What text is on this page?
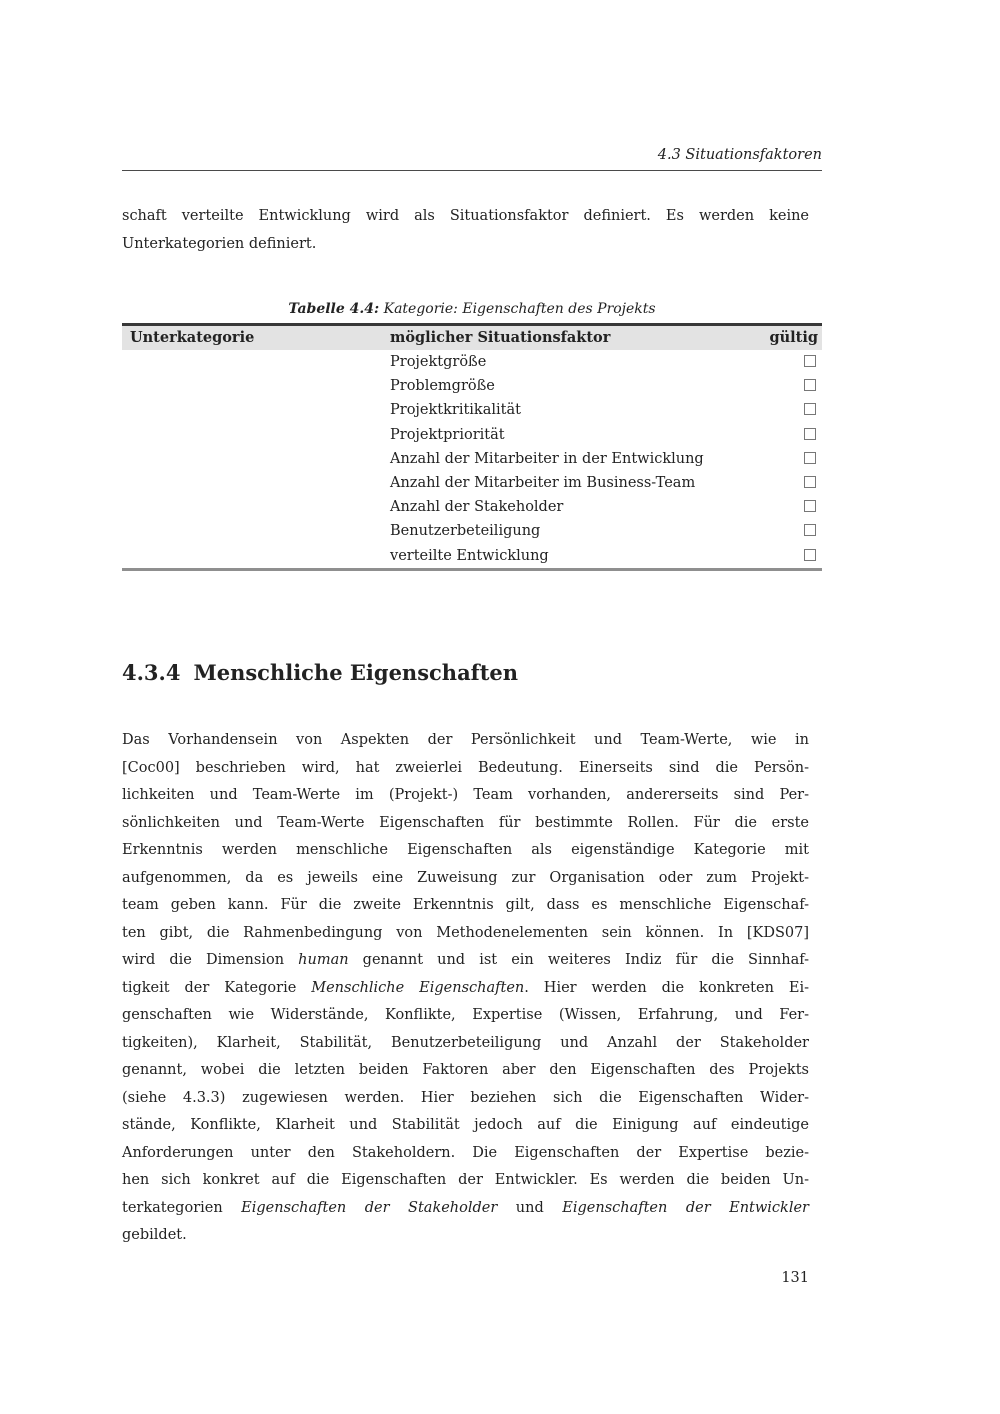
4.3 Situationsfaktoren
schaft verteilte Entwicklung wird als Situationsfaktor definiert. Es werden keine
Unterkategorien definiert.
Tabelle 4.4: Kategorie: Eigenschaften des Projekts
Unterkategorie	möglicher Situationsfaktor	gültig
Projektgröße
Problemgröße
Projektkritikalität
Projektpriorität
Anzahl der Mitarbeiter in der Entwicklung
Anzahl der Mitarbeiter im Business-Team
Anzahl der Stakeholder
Benutzerbeteiligung
verteilte Entwicklung
4.3.4 Menschliche Eigenschaften
Das Vorhandensein von Aspekten der Persönlichkeit und Team-Werte, wie in
[Coc00] beschrieben wird, hat zweierlei Bedeutung. Einerseits sind die Persön-
lichkeiten und Team-Werte im (Projekt-) Team vorhanden, andererseits sind Per-
sönlichkeiten und Team-Werte Eigenschaften für bestimmte Rollen. Für die erste
Erkenntnis werden menschliche Eigenschaften als eigenständige Kategorie mit
aufgenommen, da es jeweils eine Zuweisung zur Organisation oder zum Projekt-
team geben kann. Für die zweite Erkenntnis gilt, dass es menschliche Eigenschaf-
ten gibt, die Rahmenbedingung von Methodenelementen sein können. In [KDS07]
wird die Dimension human genannt und ist ein weiteres Indiz für die Sinnhaf-
tigkeit der Kategorie Menschliche Eigenschaften. Hier werden die konkreten Ei-
genschaften wie Widerstände, Konflikte, Expertise (Wissen, Erfahrung, und Fer-
tigkeiten), Klarheit, Stabilität, Benutzerbeteiligung und Anzahl der Stakeholder
genannt, wobei die letzten beiden Faktoren aber den Eigenschaften des Projekts
(siehe 4.3.3) zugewiesen werden. Hier beziehen sich die Eigenschaften Wider-
stände, Konflikte, Klarheit und Stabilität jedoch auf die Einigung auf eindeutige
Anforderungen unter den Stakeholdern. Die Eigenschaften der Expertise bezie-
hen sich konkret auf die Eigenschaften der Entwickler. Es werden die beiden Un-
terkategorien Eigenschaften der Stakeholder und Eigenschaften der Entwickler
gebildet.
131
